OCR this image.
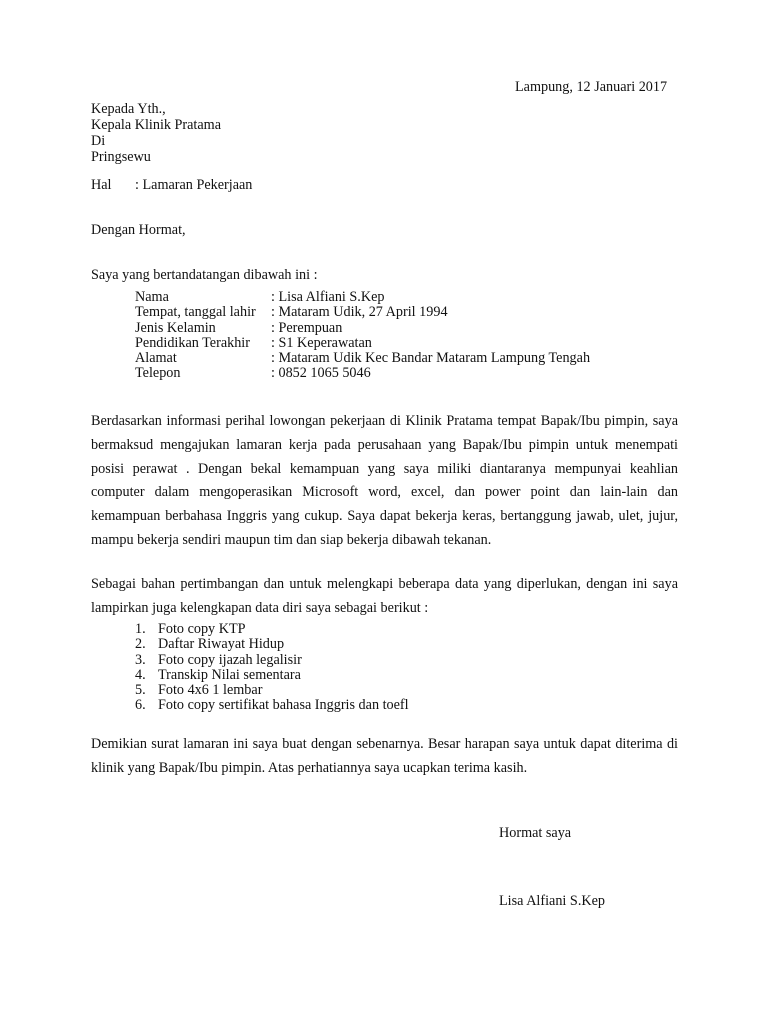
Lampung, 12 Januari 2017
Kepada Yth.,
Kepala Klinik Pratama
Di
Pringsewu
Hal : Lamaran Pekerjaan
Dengan Hormat,
Saya yang bertandatangan dibawah ini :
Nama	: Lisa Alfiani S.Kep
Tempat, tanggal lahir	: Mataram Udik, 27 April 1994
Jenis Kelamin	: Perempuan
Pendidikan Terakhir	: S1 Keperawatan
Alamat	: Mataram Udik Kec Bandar Mataram Lampung Tengah
Telepon	: 0852 1065 5046
Berdasarkan informasi perihal lowongan pekerjaan di Klinik Pratama tempat Bapak/Ibu pimpin, saya bermaksud mengajukan lamaran kerja pada perusahaan yang Bapak/Ibu pimpin untuk menempati posisi perawat . Dengan bekal kemampuan yang saya miliki diantaranya mempunyai keahlian computer dalam mengoperasikan Microsoft word, excel, dan power point dan lain-lain dan kemampuan berbahasa Inggris yang cukup. Saya dapat bekerja keras, bertanggung jawab, ulet, jujur, mampu bekerja sendiri maupun tim dan siap bekerja dibawah tekanan.
Sebagai bahan pertimbangan dan untuk melengkapi beberapa data yang diperlukan, dengan ini saya lampirkan juga kelengkapan data diri saya sebagai berikut :
1. Foto copy KTP
2. Daftar Riwayat Hidup
3. Foto copy ijazah legalisir
4. Transkip Nilai sementara
5. Foto 4x6 1 lembar
6. Foto copy sertifikat bahasa Inggris dan toefl
Demikian surat lamaran ini saya buat dengan sebenarnya. Besar harapan saya untuk dapat diterima di klinik yang Bapak/Ibu pimpin. Atas perhatiannya saya ucapkan terima kasih.
Hormat saya
Lisa Alfiani S.Kep
